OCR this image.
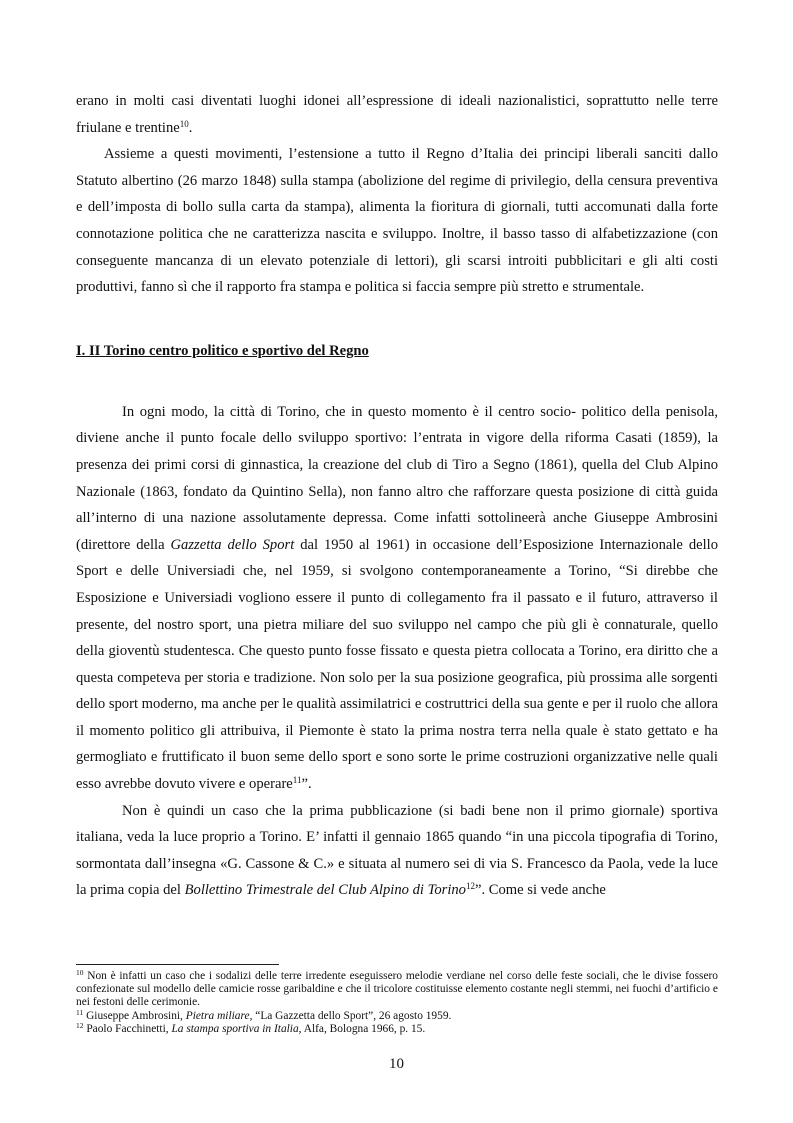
erano in molti casi diventati luoghi idonei all’espressione di ideali nazionalistici, soprattutto nelle terre friulane e trentine$^{10}$.

Assieme a questi movimenti, l’estensione a tutto il Regno d’Italia dei principi liberali sanciti dallo Statuto albertino (26 marzo 1848) sulla stampa (abolizione del regime di privilegio, della censura preventiva e dell’imposta di bollo sulla carta da stampa), alimenta la fioritura di giornali, tutti accomunati dalla forte connotazione politica che ne caratterizza nascita e sviluppo. Inoltre, il basso tasso di alfabetizzazione (con conseguente mancanza di un elevato potenziale di lettori), gli scarsi introiti pubblicitari e gli alti costi produttivi, fanno sì che il rapporto fra stampa e politica si faccia sempre più stretto e strumentale.

I. II Torino centro politico e sportivo del Regno

In ogni modo, la città di Torino, che in questo momento è il centro socio- politico della penisola, diviene anche il punto focale dello sviluppo sportivo: l’entrata in vigore della riforma Casati (1859), la presenza dei primi corsi di ginnastica, la creazione del club di Tiro a Segno (1861), quella del Club Alpino Nazionale (1863, fondato da Quintino Sella), non fanno altro che rafforzare questa posizione di città guida all’interno di una nazione assolutamente depressa. Come infatti sottolineerà anche Giuseppe Ambrosini (direttore della Gazzetta dello Sport dal 1950 al 1961) in occasione dell’Esposizione Internazionale dello Sport e delle Universiadi che, nel 1959, si svolgono contemporaneamente a Torino, “Si direbbe che Esposizione e Universiadi vogliono essere il punto di collegamento fra il passato e il futuro, attraverso il presente, del nostro sport, una pietra miliare del suo sviluppo nel campo che più gli è connaturale, quello della gioventù studentesca. Che questo punto fosse fissato e questa pietra collocata a Torino, era diritto che a questa competeva per storia e tradizione. Non solo per la sua posizione geografica, più prossima alle sorgenti dello sport moderno, ma anche per le qualità assimilatrici e costruttrici della sua gente e per il ruolo che allora il momento politico gli attribuiva, il Piemonte è stato la prima nostra terra nella quale è stato gettato e ha germogliato e fruttificato il buon seme dello sport e sono sorte le prime costruzioni organizzative nelle quali esso avrebbe dovuto vivere e operare$^{11}$”.

Non è quindi un caso che la prima pubblicazione (si badi bene non il primo giornale) sportiva italiana, veda la luce proprio a Torino. E’ infatti il gennaio 1865 quando “in una piccola tipografia di Torino, sormontata dall’insegna «G. Cassone & C.» e situata al numero sei di via S. Francesco da Paola, vede la luce la prima copia del Bollettino Trimestrale del Club Alpino di Torino$^{12}$”. Come si vede anche

$^{10}$ Non è infatti un caso che i sodalizi delle terre irredente eseguissero melodie verdiane nel corso delle feste sociali, che le divise fossero confezionate sul modello delle camicie rosse garibaldine e che il tricolore costituisse elemento costante negli stemmi, nei fuochi d’artificio e nei festoni delle cerimonie.

$^{11}$ Giuseppe Ambrosini, Pietra miliare, “La Gazzetta dello Sport”, 26 agosto 1959.

$^{12}$ Paolo Facchinetti, La stampa sportiva in Italia, Alfa, Bologna 1966, p. 15.

10
